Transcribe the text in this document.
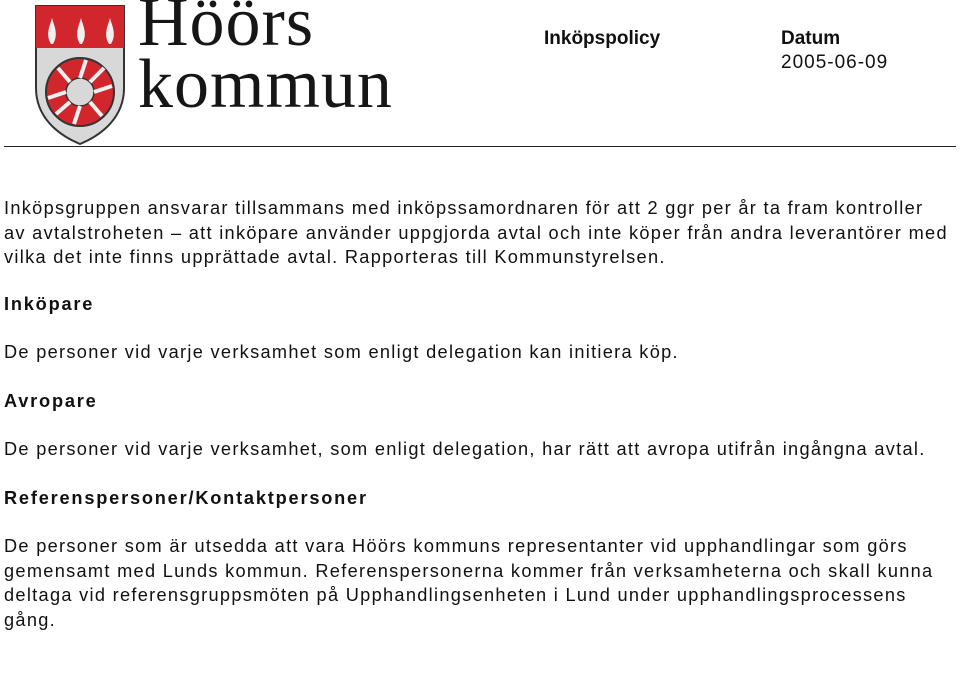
Höörs
kommun
Inköpspolicy	Datum
2005-06-09

Inköpsgruppen ansvarar tillsammans med inköpssamordnaren för att 2 ggr per år ta fram kontroller av avtalstroheten – att inköpare använder uppgjorda avtal och inte köper från andra leverantörer med vilka det inte finns upprättade avtal. Rapporteras till Kommunstyrelsen.

Inköpare

De personer vid varje verksamhet som enligt delegation kan initiera köp.

Avropare

De personer vid varje verksamhet, som enligt delegation, har rätt att avropa utifrån ingångna avtal.

Referenspersoner/Kontaktpersoner

De personer som är utsedda att vara Höörs kommuns representanter vid upphandlingar som görs gemensamt med Lunds kommun. Referenspersonerna kommer från verksamheterna och skall kunna deltaga vid referensgruppsmöten på Upphandlingsenheten i Lund under upphandlingsprocessens gång.
